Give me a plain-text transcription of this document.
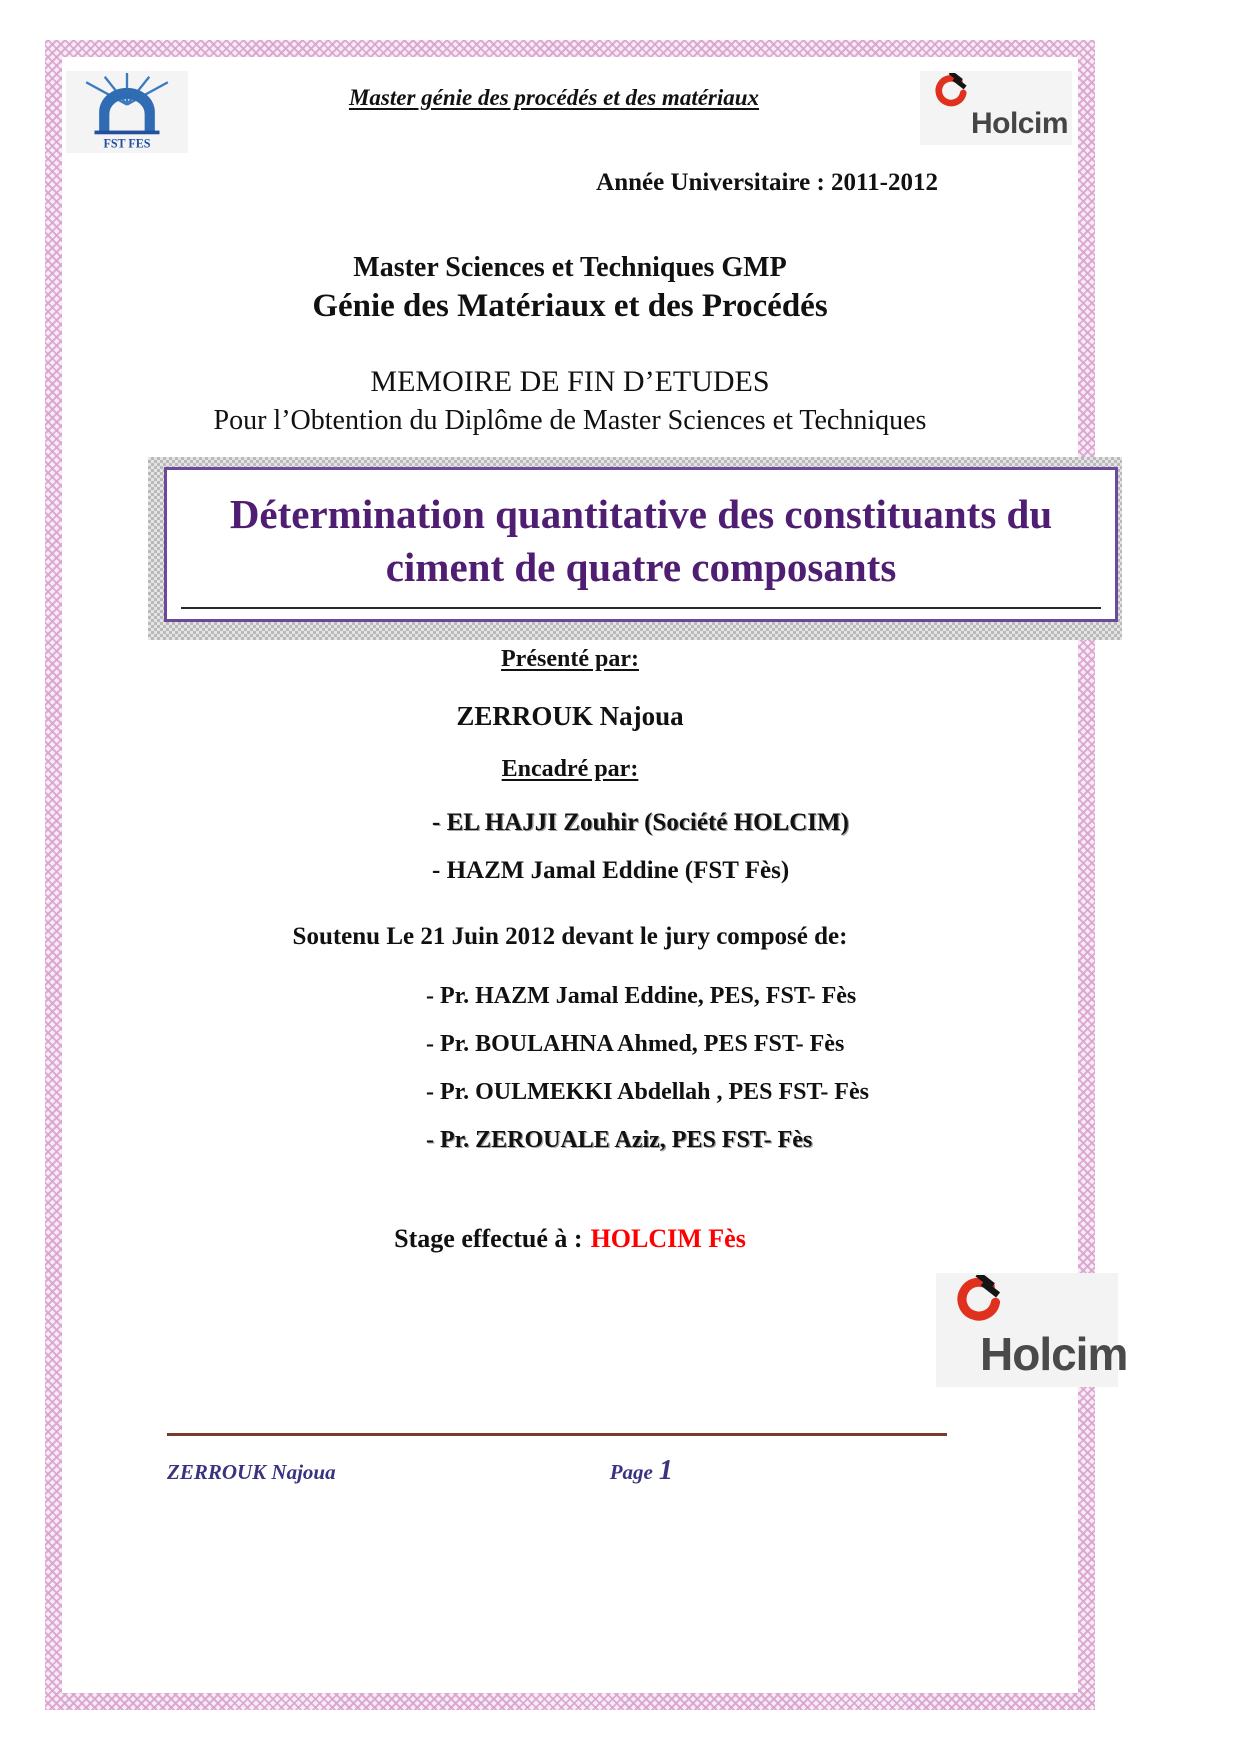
FST FES
Master génie des procédés et des matériaux
Holcim
Année Universitaire : 2011-2012
Master Sciences et Techniques GMP
Génie des Matériaux et des Procédés
MEMOIRE DE FIN D’ETUDES
Pour l’Obtention du Diplôme de Master Sciences et Techniques
Détermination quantitative des constituants du ciment de quatre composants
Présenté par:
ZERROUK Najoua
Encadré par:
- EL HAJJI Zouhir (Société HOLCIM)
- HAZM Jamal Eddine (FST Fès)
Soutenu Le 21 Juin 2012 devant le jury composé de:
- Pr. HAZM Jamal Eddine, PES, FST- Fès
- Pr. BOULAHNA Ahmed, PES FST- Fès
- Pr. OULMEKKI Abdellah , PES FST- Fès
- Pr. ZEROUALE Aziz, PES FST- Fès
Stage effectué à : HOLCIM Fès
Holcim
ZERROUK Najoua	Page 1
